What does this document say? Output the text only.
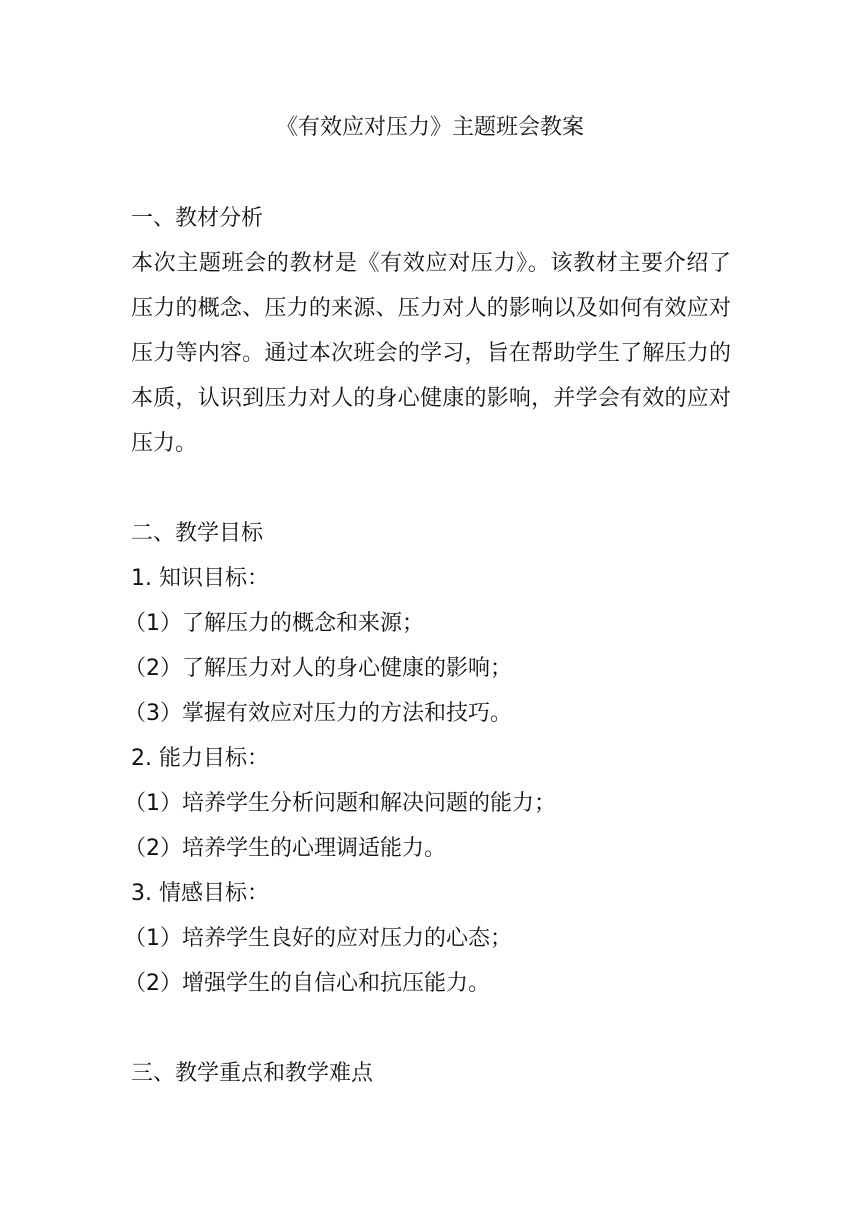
《有效应对压力》主题班会教案
一、教材分析
本次主题班会的教材是《有效应对压力》。该教材主要介绍了压力的概念、压力的来源、压力对人的影响以及如何有效应对压力等内容。通过本次班会的学习，旨在帮助学生了解压力的本质，认识到压力对人的身心健康的影响，并学会有效的应对压力。
二、教学目标
1. 知识目标：
（1）了解压力的概念和来源；
（2）了解压力对人的身心健康的影响；
（3）掌握有效应对压力的方法和技巧。
2. 能力目标：
（1）培养学生分析问题和解决问题的能力；
（2）培养学生的心理调适能力。
3. 情感目标：
（1）培养学生良好的应对压力的心态；
（2）增强学生的自信心和抗压能力。
三、教学重点和教学难点
